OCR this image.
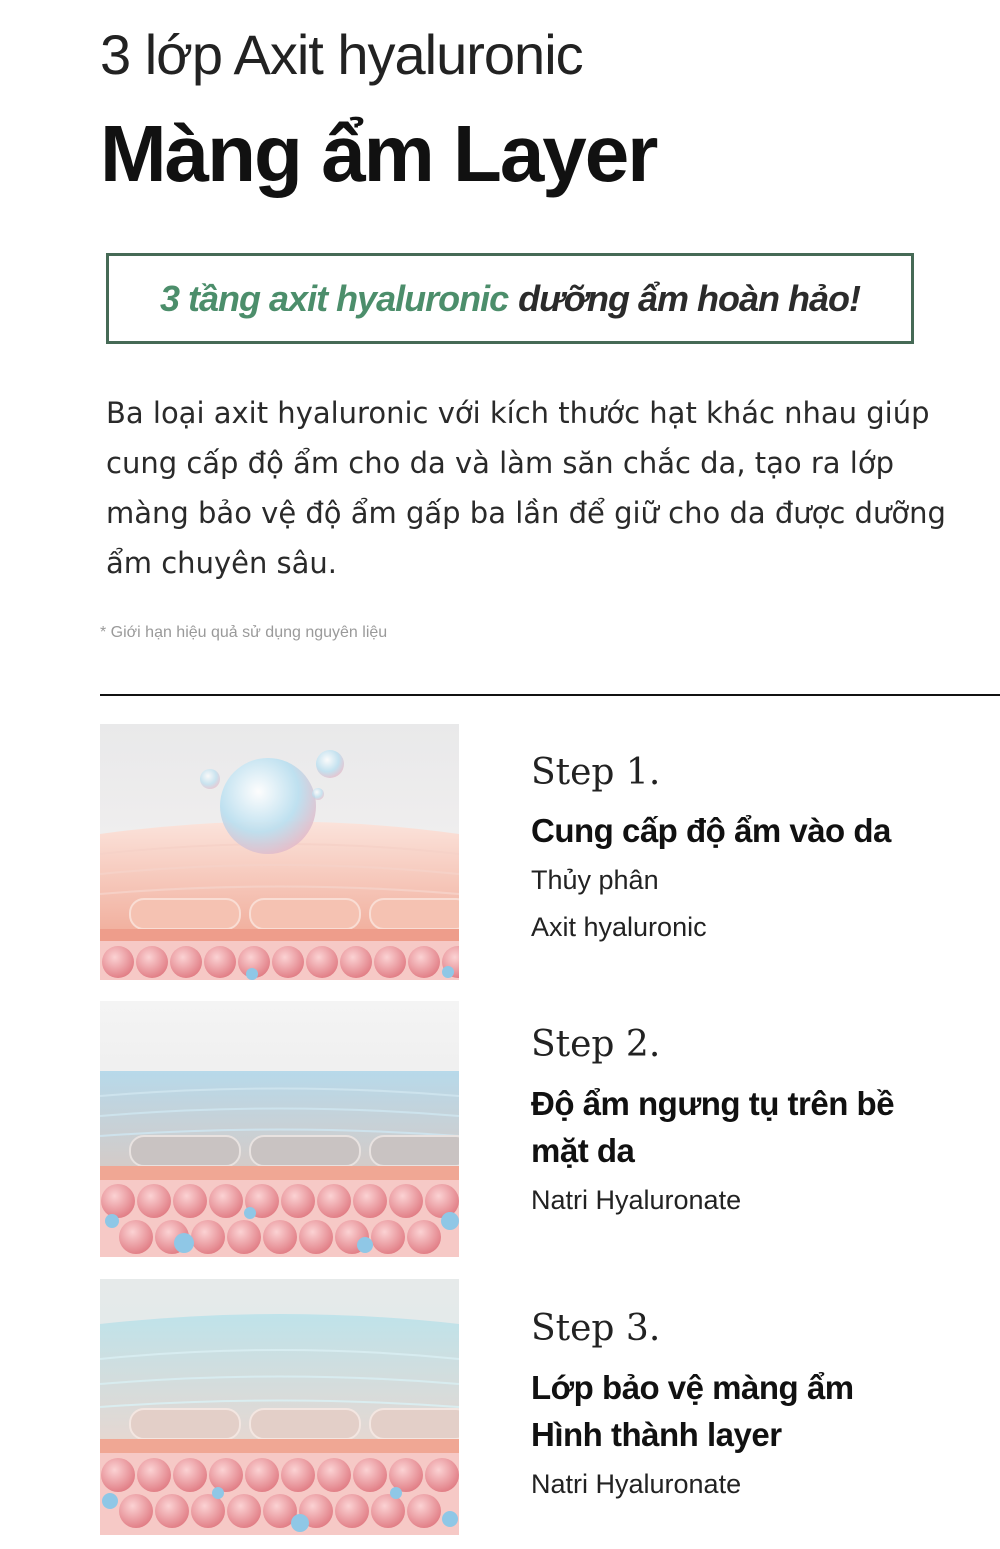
3 lớp Axit hyaluronic
Màng ẩm Layer
3 tầng axit hyaluronic dưỡng ẩm hoàn hảo!
Ba loại axit hyaluronic với kích thước hạt khác nhau giúp cung cấp độ ẩm cho da và làm săn chắc da, tạo ra lớp màng bảo vệ độ ẩm gấp ba lần để giữ cho da được dưỡng ẩm chuyên sâu.
* Giới hạn hiệu quả sử dụng nguyên liệu
Step 1.
Cung cấp độ ẩm vào da
Thủy phân
Axit hyaluronic
Step 2.
Độ ẩm ngưng tụ trên bề
mặt da
Natri Hyaluronate
Step 3.
Lớp bảo vệ màng ẩm
Hình thành layer
Natri Hyaluronate
